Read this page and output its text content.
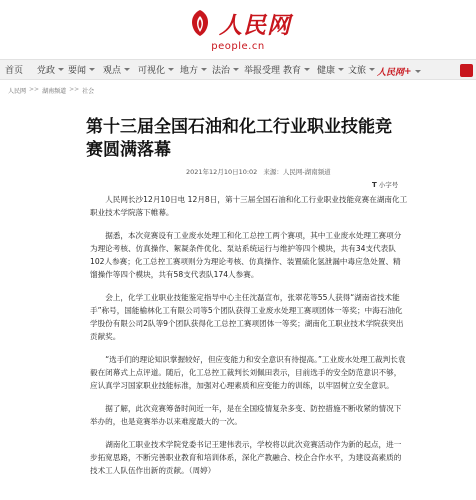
人民网
people.cn
首页 党政 要闻 观点 可视化 地方 法治 举报受理 教育 健康 文旅 人民网 +
人民网 >> 湖南频道 >> 社会
第十三届全国石油和化工行业职业技能竞赛圆满落幕
2021年12月10日10:02 来源：人民网-湖南频道
T 小字号

人民网长沙12月10日电 12月8日，第十三届全国石油和化工行业职业技能竞赛在湖南化工职业技术学院落下帷幕。

据悉，本次竞赛设有工业废水处理工和化工总控工两个赛项，其中工业废水处理工赛项分为理论考核、仿真操作、絮凝条件优化、泵站系统运行与维护等四个模块，共有34支代表队102人参赛；化工总控工赛项则分为理论考核、仿真操作、装置硫化氢泄漏中毒应急处置、精馏操作等四个模块，共有58支代表队174人参赛。

会上，化学工业职业技能鉴定指导中心主任沈磊宣布，张翠花等55人获得“湖南省技术能手”称号，国能榆林化工有限公司等5个团队获得工业废水处理工赛项团体一等奖；中海石油化学股份有限公司2队等9个团队获得化工总控工赛项团体一等奖；湖南化工职业技术学院获突出贡献奖。

“选手们的理论知识掌握较好，但应变能力和安全意识有待提高。”工业废水处理工裁判长袁毅在闭幕式上点评道。随后，化工总控工裁判长刘佩田表示，目前选手的安全防范意识不够，应认真学习国家职业技能标准，加强对心理素质和应变能力的训练，以牢固树立安全意识。

据了解，此次竞赛筹备时间近一年，是在全国疫情复杂多变、防控措施不断收紧的情况下举办的，也是竞赛举办以来难度最大的一次。

湖南化工职业技术学院党委书记王建伟表示，学校将以此次竞赛活动作为新的起点，进一步拓宽思路，不断完善职业教育和培训体系，深化产教融合、校企合作水平，为建设高素质的技术工人队伍作出新的贡献。（周婷）
